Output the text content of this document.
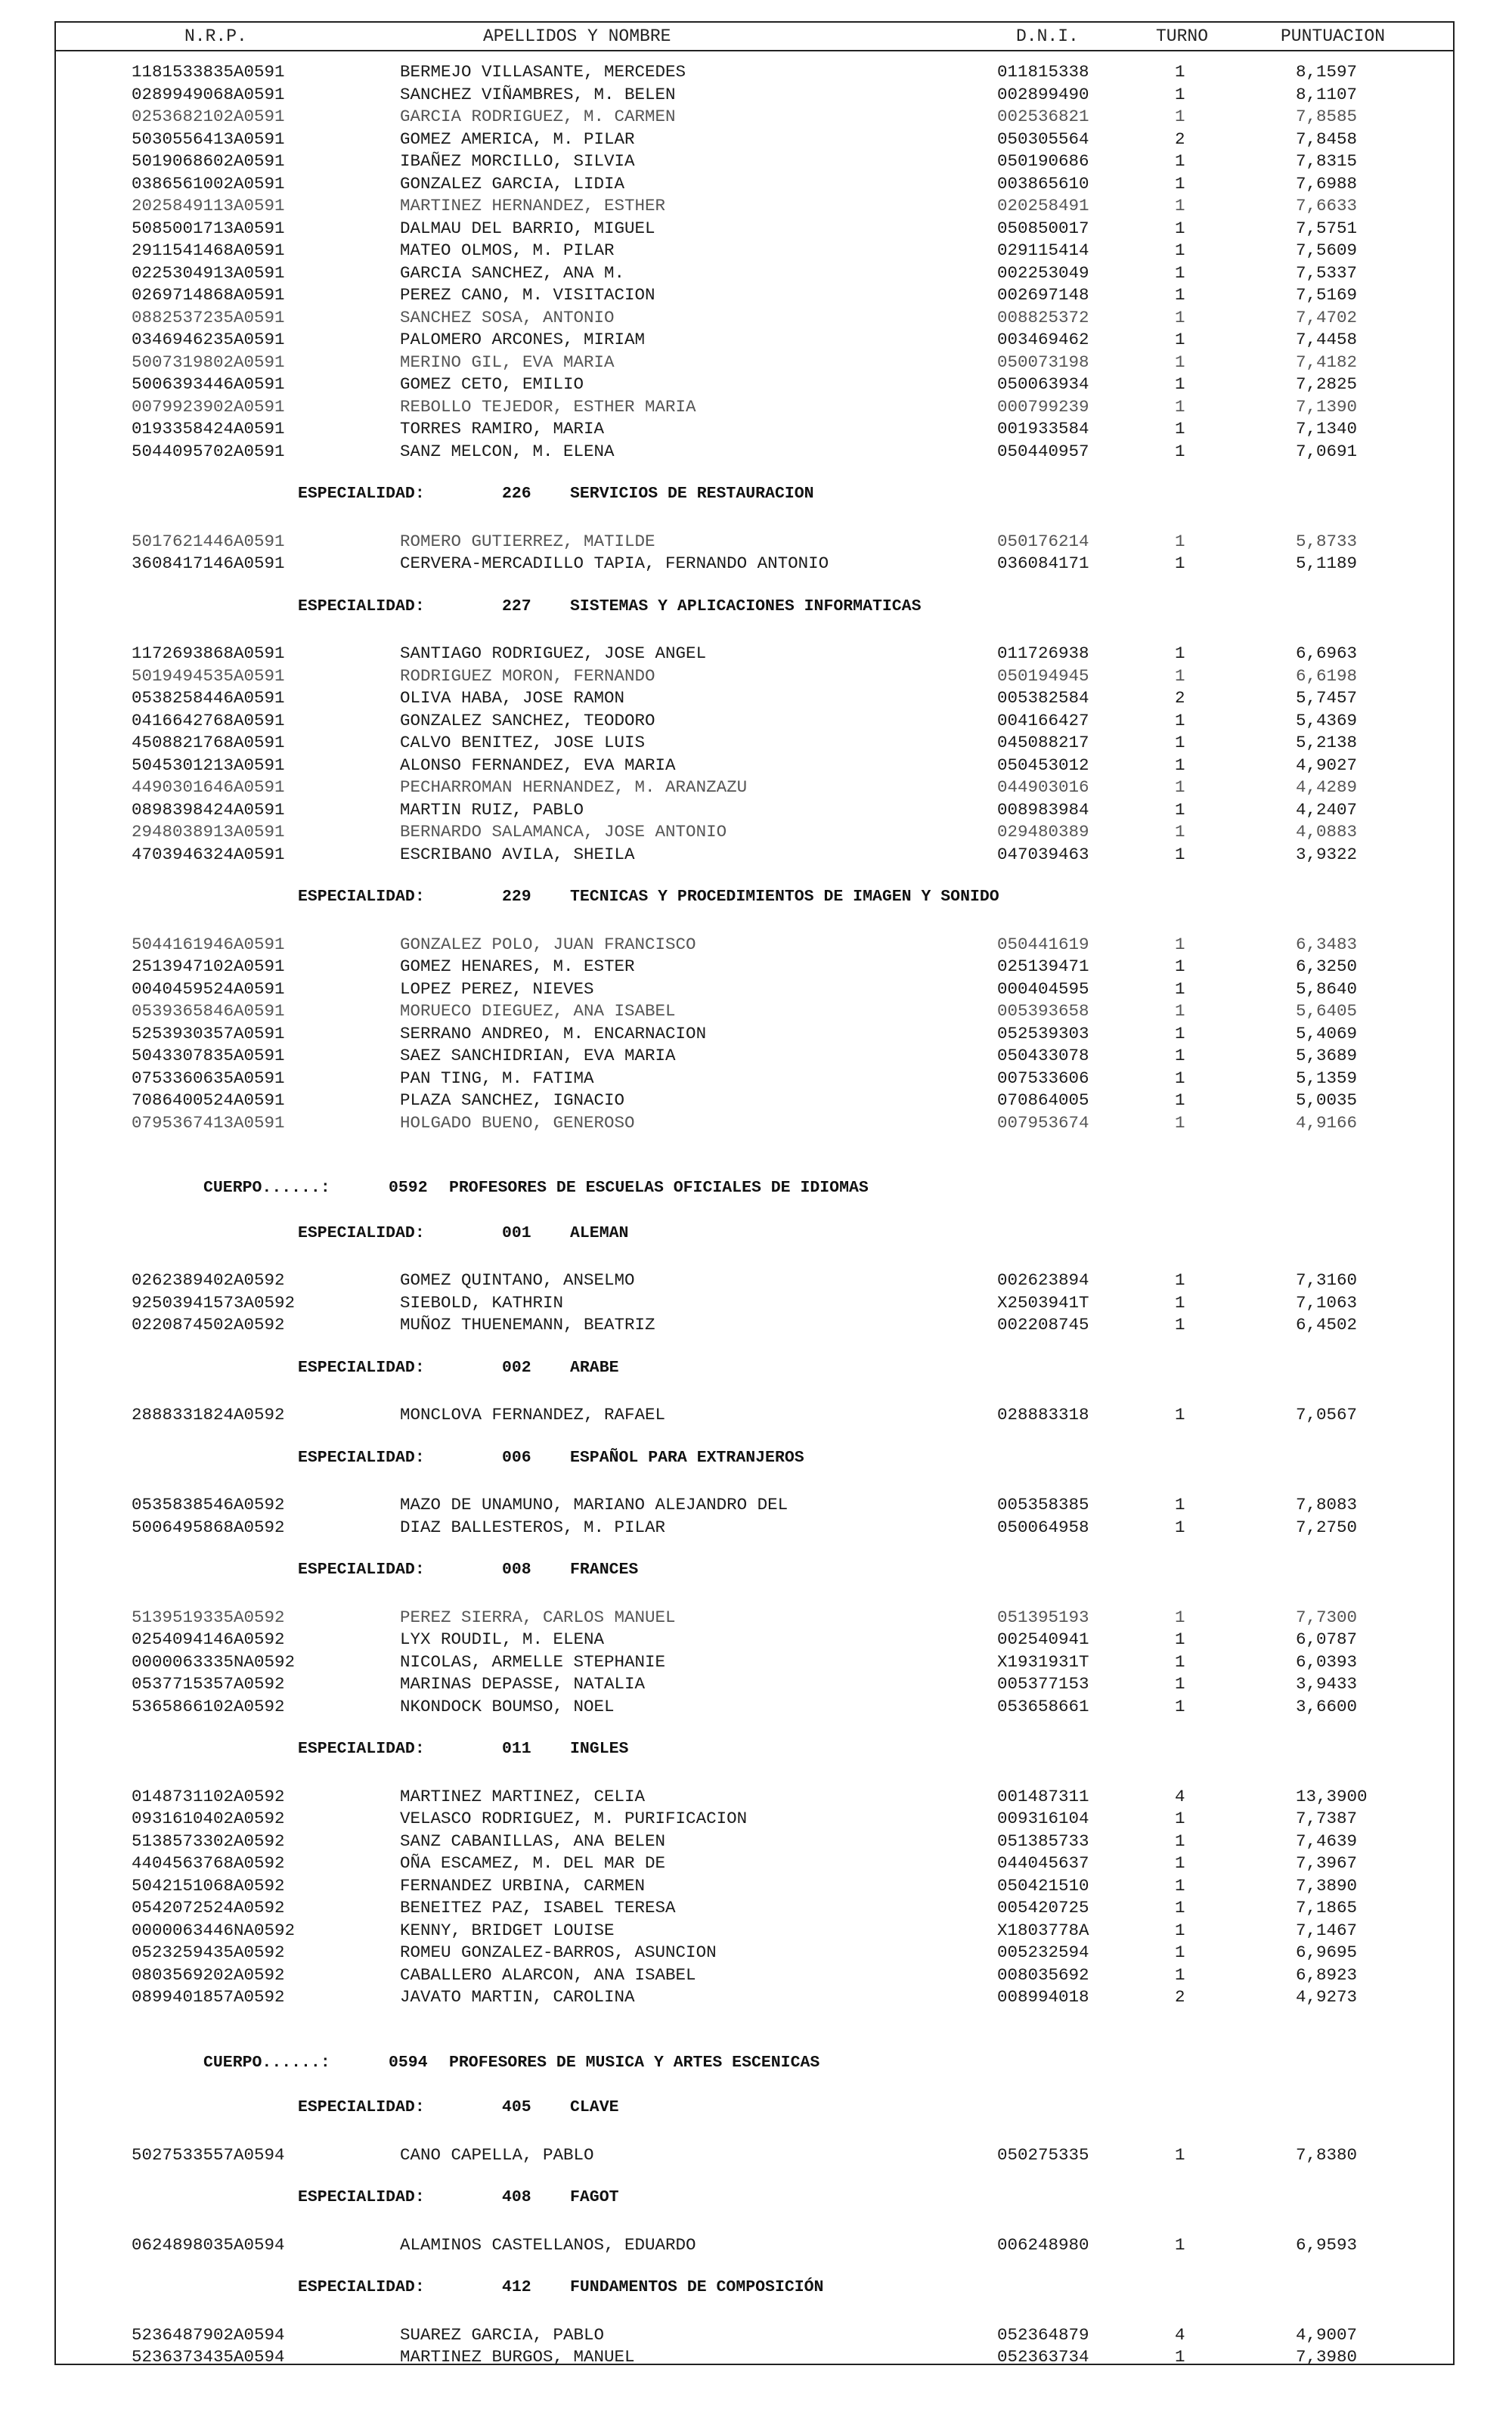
N.R.P.	APELLIDOS Y NOMBRE	D.N.I.	TURNO	PUNTUACION
1181533835A0591	BERMEJO VILLASANTE, MERCEDES	011815338	1	8,1597
0289949068A0591	SANCHEZ VIÑAMBRES, M. BELEN	002899490	1	8,1107
0253682102A0591	GARCIA RODRIGUEZ, M. CARMEN	002536821	1	7,8585
5030556413A0591	GOMEZ AMERICA, M. PILAR	050305564	2	7,8458
5019068602A0591	IBAÑEZ MORCILLO, SILVIA	050190686	1	7,8315
0386561002A0591	GONZALEZ GARCIA, LIDIA	003865610	1	7,6988
2025849113A0591	MARTINEZ HERNANDEZ, ESTHER	020258491	1	7,6633
5085001713A0591	DALMAU DEL BARRIO, MIGUEL	050850017	1	7,5751
2911541468A0591	MATEO OLMOS, M. PILAR	029115414	1	7,5609
0225304913A0591	GARCIA SANCHEZ, ANA M.	002253049	1	7,5337
0269714868A0591	PEREZ CANO, M. VISITACION	002697148	1	7,5169
0882537235A0591	SANCHEZ SOSA, ANTONIO	008825372	1	7,4702
0346946235A0591	PALOMERO ARCONES, MIRIAM	003469462	1	7,4458
5007319802A0591	MERINO GIL, EVA MARIA	050073198	1	7,4182
5006393446A0591	GOMEZ CETO, EMILIO	050063934	1	7,2825
0079923902A0591	REBOLLO TEJEDOR, ESTHER MARIA	000799239	1	7,1390
0193358424A0591	TORRES RAMIRO, MARIA	001933584	1	7,1340
5044095702A0591	SANZ MELCON, M. ELENA	050440957	1	7,0691
ESPECIALIDAD:	226 SERVICIOS DE RESTAURACION
5017621446A0591	ROMERO GUTIERREZ, MATILDE	050176214	1	5,8733
3608417146A0591	CERVERA-MERCADILLO TAPIA, FERNANDO ANTONIO	036084171	1	5,1189
ESPECIALIDAD:	227 SISTEMAS Y APLICACIONES INFORMATICAS
1172693868A0591	SANTIAGO RODRIGUEZ, JOSE ANGEL	011726938	1	6,6963
5019494535A0591	RODRIGUEZ MORON, FERNANDO	050194945	1	6,6198
0538258446A0591	OLIVA HABA, JOSE RAMON	005382584	2	5,7457
0416642768A0591	GONZALEZ SANCHEZ, TEODORO	004166427	1	5,4369
4508821768A0591	CALVO BENITEZ, JOSE LUIS	045088217	1	5,2138
5045301213A0591	ALONSO FERNANDEZ, EVA MARIA	050453012	1	4,9027
4490301646A0591	PECHARROMAN HERNANDEZ, M. ARANZAZU	044903016	1	4,4289
0898398424A0591	MARTIN RUIZ, PABLO	008983984	1	4,2407
2948038913A0591	BERNARDO SALAMANCA, JOSE ANTONIO	029480389	1	4,0883
4703946324A0591	ESCRIBANO AVILA, SHEILA	047039463	1	3,9322
ESPECIALIDAD:	229 TECNICAS Y PROCEDIMIENTOS DE IMAGEN Y SONIDO
5044161946A0591	GONZALEZ POLO, JUAN FRANCISCO	050441619	1	6,3483
2513947102A0591	GOMEZ HENARES, M. ESTER	025139471	1	6,3250
0040459524A0591	LOPEZ PEREZ, NIEVES	000404595	1	5,8640
0539365846A0591	MORUECO DIEGUEZ, ANA ISABEL	005393658	1	5,6405
5253930357A0591	SERRANO ANDREO, M. ENCARNACION	052539303	1	5,4069
5043307835A0591	SAEZ SANCHIDRIAN, EVA MARIA	050433078	1	5,3689
0753360635A0591	PAN TING, M. FATIMA	007533606	1	5,1359
7086400524A0591	PLAZA SANCHEZ, IGNACIO	070864005	1	5,0035
0795367413A0591	HOLGADO BUENO, GENEROSO	007953674	1	4,9166
CUERPO......:	0592 PROFESORES DE ESCUELAS OFICIALES DE IDIOMAS
ESPECIALIDAD:	001 ALEMAN
0262389402A0592	GOMEZ QUINTANO, ANSELMO	002623894	1	7,3160
92503941573A0592	SIEBOLD, KATHRIN	X2503941T	1	7,1063
0220874502A0592	MUÑOZ THUENEMANN, BEATRIZ	002208745	1	6,4502
ESPECIALIDAD:	002 ARABE
2888331824A0592	MONCLOVA FERNANDEZ, RAFAEL	028883318	1	7,0567
ESPECIALIDAD:	006 ESPAÑOL PARA EXTRANJEROS
0535838546A0592	MAZO DE UNAMUNO, MARIANO ALEJANDRO DEL	005358385	1	7,8083
5006495868A0592	DIAZ BALLESTEROS, M. PILAR	050064958	1	7,2750
ESPECIALIDAD:	008 FRANCES
5139519335A0592	PEREZ SIERRA, CARLOS MANUEL	051395193	1	7,7300
0254094146A0592	LYX ROUDIL, M. ELENA	002540941	1	6,0787
0000063335NA0592	NICOLAS, ARMELLE STEPHANIE	X1931931T	1	6,0393
0537715357A0592	MARINAS DEPASSE, NATALIA	005377153	1	3,9433
5365866102A0592	NKONDOCK BOUMSO, NOEL	053658661	1	3,6600
ESPECIALIDAD:	011 INGLES
0148731102A0592	MARTINEZ MARTINEZ, CELIA	001487311	4	13,3900
0931610402A0592	VELASCO RODRIGUEZ, M. PURIFICACION	009316104	1	7,7387
5138573302A0592	SANZ CABANILLAS, ANA BELEN	051385733	1	7,4639
4404563768A0592	OÑA ESCAMEZ, M. DEL MAR DE	044045637	1	7,3967
5042151068A0592	FERNANDEZ URBINA, CARMEN	050421510	1	7,3890
0542072524A0592	BENEITEZ PAZ, ISABEL TERESA	005420725	1	7,1865
0000063446NA0592	KENNY, BRIDGET LOUISE	X1803778A	1	7,1467
0523259435A0592	ROMEU GONZALEZ-BARROS, ASUNCION	005232594	1	6,9695
0803569202A0592	CABALLERO ALARCON, ANA ISABEL	008035692	1	6,8923
0899401857A0592	JAVATO MARTIN, CAROLINA	008994018	2	4,9273
CUERPO......:	0594 PROFESORES DE MUSICA Y ARTES ESCENICAS
ESPECIALIDAD:	405 CLAVE
5027533557A0594	CANO CAPELLA, PABLO	050275335	1	7,8380
ESPECIALIDAD:	408 FAGOT
0624898035A0594	ALAMINOS CASTELLANOS, EDUARDO	006248980	1	6,9593
ESPECIALIDAD:	412 FUNDAMENTOS DE COMPOSICIÓN
5236487902A0594	SUAREZ GARCIA, PABLO	052364879	4	4,9007
5236373435A0594	MARTINEZ BURGOS, MANUEL	052363734	1	7,3980
